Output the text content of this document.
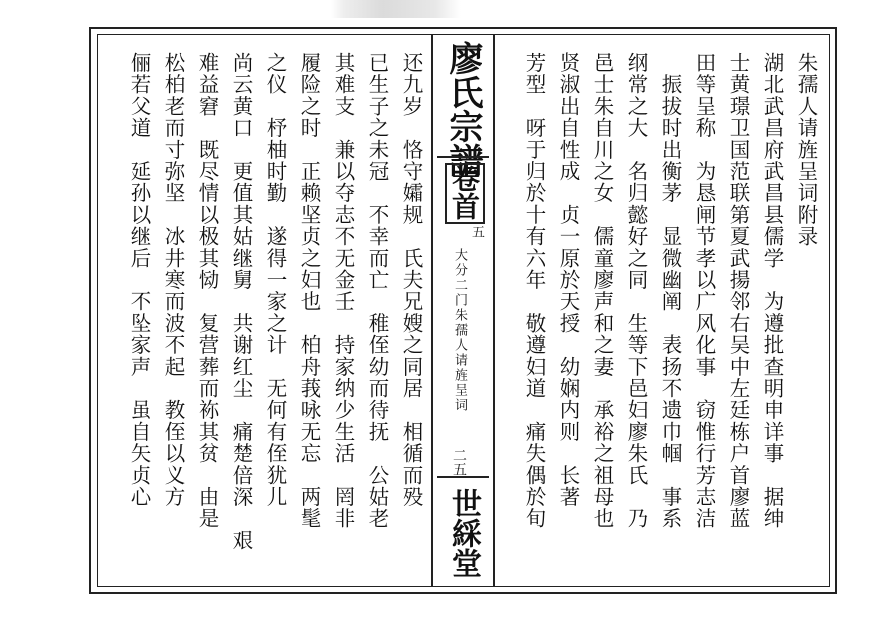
朱孺人请旌呈词附录
湖北武昌府武昌县儒学　为遵批查明申详事　据绅
士黄璟卫国范联第夏武揚邻右吴中左廷栋户首廖蓝
田等呈称　为恳闸节孝以广风化事　窃惟行芳志洁
　振拔时出衡茅　显微幽阐　表扬不遗巾帼　事系
纲常之大　名归懿好之同　生等下邑妇廖朱氏　乃
邑士朱自川之女　儒童廖声和之妻　承裕之祖母也
贤淑出自性成　贞一原於天授　幼娴内则　长著
芳型　呀于归於十有六年　敬遵妇道　痛失偶於旬
廖氏宗譜
卷首
五
大分二门朱孺人请旌呈词
二五
世綵堂
还九岁　恪守孀规　氏夫兄嫂之同居　相循而殁
已生子之未冠　不幸而亡　稚侄幼而待抚　公姑老
其难支　兼以夺志不无金壬　持家纳少生活　罔非
履险之时　正赖坚贞之妇也　柏舟莪咏无忘　两髦
之仪　杼柚时勤　遂得一家之计　无何有侄犹儿
尚云黄口　更值其姑继舅　共谢红尘　痛楚倍深　艰
难益窘　既尽情以极其恸　复营葬而袮其贫　由是
松柏老而寸弥坚　冰井寒而波不起　教侄以义方
俪若父道　延孙以继后　不坠家声　虽自矢贞心
